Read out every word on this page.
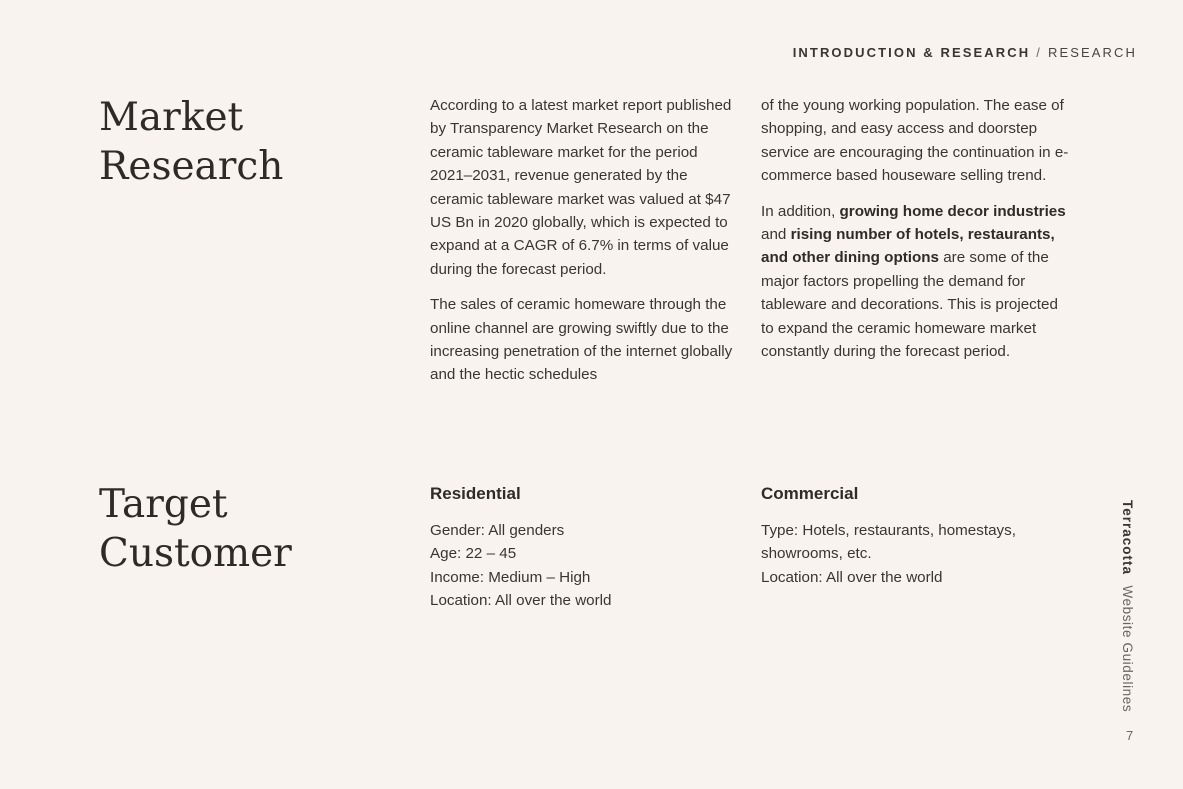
INTRODUCTION & RESEARCH / RESEARCH
Market
Research

According to a latest market report published by Transparency Market Research on the ceramic tableware market for the period 2021–2031, revenue generated by the ceramic tableware market was valued at $47 US Bn in 2020 globally, which is expected to expand at a CAGR of 6.7% in terms of value during the forecast period.

The sales of ceramic homeware through the online channel are growing swiftly due to the increasing penetration of the internet globally and the hectic schedules

of the young working population. The ease of shopping, and easy access and doorstep service are encouraging the continuation in e-commerce based houseware selling trend.

In addition, growing home decor industries and rising number of hotels, restaurants, and other dining options are some of the major factors propelling the demand for tableware and decorations. This is projected to expand the ceramic homeware market constantly during the forecast period.

Target
Customer
Residential
Gender: All genders
Age: 22 – 45
Income: Medium – High
Location: All over the world
Commercial
Type: Hotels, restaurants, homestays,
showrooms, etc.
Location: All over the world
Terracotta Website Guidelines
7
